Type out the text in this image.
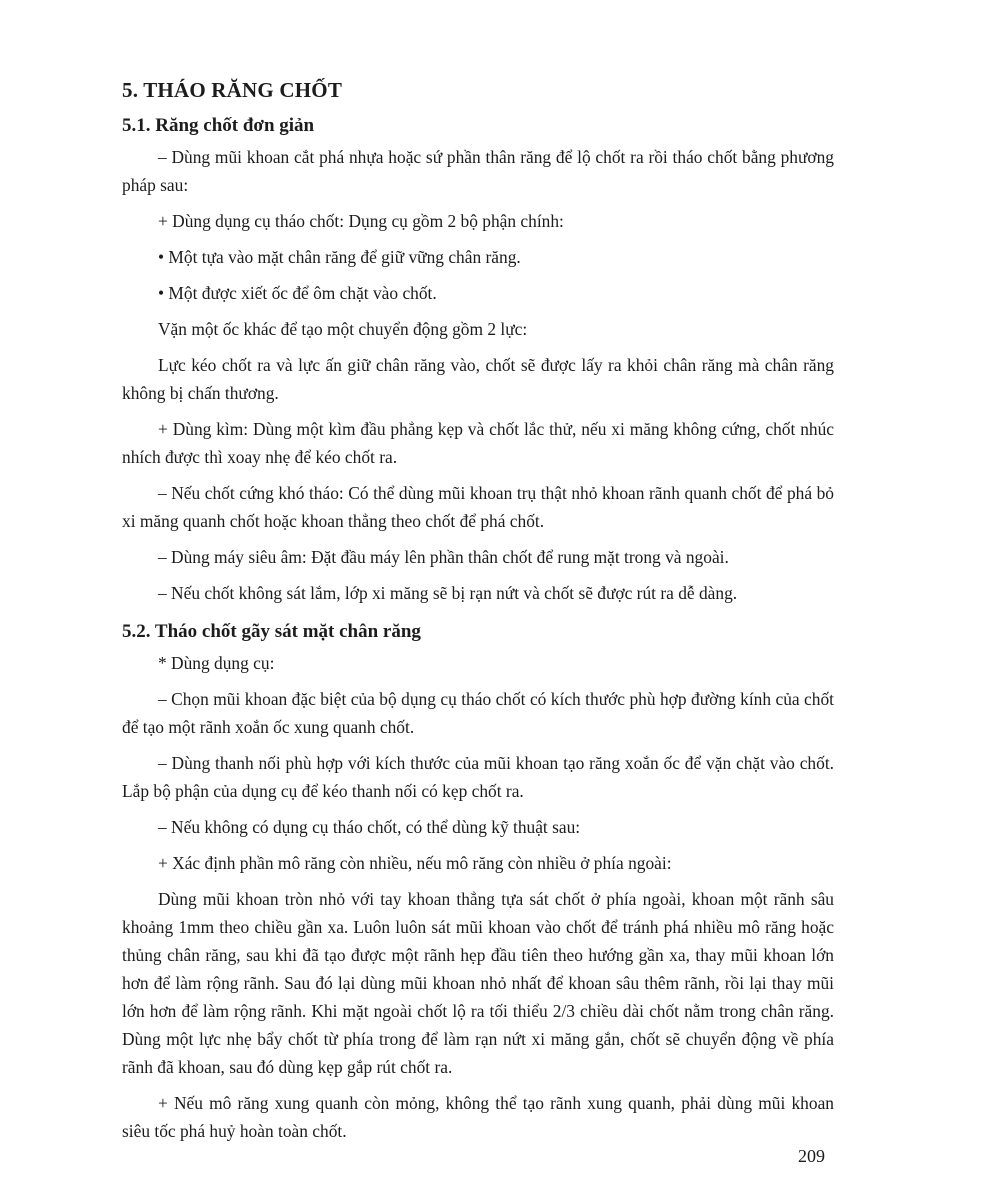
5. THÁO RĂNG CHỐT
5.1. Răng chốt đơn giản

– Dùng mũi khoan cắt phá nhựa hoặc sứ phần thân răng để lộ chốt ra rồi tháo chốt bằng phương pháp sau:

+ Dùng dụng cụ tháo chốt: Dụng cụ gồm 2 bộ phận chính:

• Một tựa vào mặt chân răng để giữ vững chân răng.

• Một được xiết ốc để ôm chặt vào chốt.

Vặn một ốc khác để tạo một chuyển động gồm 2 lực:

Lực kéo chốt ra và lực ấn giữ chân răng vào, chốt sẽ được lấy ra khỏi chân răng mà chân răng không bị chấn thương.

+ Dùng kìm: Dùng một kìm đầu phẳng kẹp và chốt lắc thử, nếu xi măng không cứng, chốt nhúc nhích được thì xoay nhẹ để kéo chốt ra.

– Nếu chốt cứng khó tháo: Có thể dùng mũi khoan trụ thật nhỏ khoan rãnh quanh chốt để phá bỏ xi măng quanh chốt hoặc khoan thẳng theo chốt để phá chốt.

– Dùng máy siêu âm: Đặt đầu máy lên phần thân chốt để rung mặt trong và ngoài.

– Nếu chốt không sát lắm, lớp xi măng sẽ bị rạn nứt và chốt sẽ được rút ra dễ dàng.

5.2. Tháo chốt gãy sát mặt chân răng

* Dùng dụng cụ:

– Chọn mũi khoan đặc biệt của bộ dụng cụ tháo chốt có kích thước phù hợp đường kính của chốt để tạo một rãnh xoắn ốc xung quanh chốt.

– Dùng thanh nối phù hợp với kích thước của mũi khoan tạo răng xoắn ốc để vặn chặt vào chốt. Lắp bộ phận của dụng cụ để kéo thanh nối có kẹp chốt ra.

– Nếu không có dụng cụ tháo chốt, có thể dùng kỹ thuật sau:

+ Xác định phần mô răng còn nhiều, nếu mô răng còn nhiều ở phía ngoài:

Dùng mũi khoan tròn nhỏ với tay khoan thẳng tựa sát chốt ở phía ngoài, khoan một rãnh sâu khoảng 1mm theo chiều gần xa. Luôn luôn sát mũi khoan vào chốt để tránh phá nhiều mô răng hoặc thủng chân răng, sau khi đã tạo được một rãnh hẹp đầu tiên theo hướng gần xa, thay mũi khoan lớn hơn để làm rộng rãnh. Sau đó lại dùng mũi khoan nhỏ nhất để khoan sâu thêm rãnh, rồi lại thay mũi lớn hơn để làm rộng rãnh. Khi mặt ngoài chốt lộ ra tối thiểu 2/3 chiều dài chốt nằm trong chân răng. Dùng một lực nhẹ bẩy chốt từ phía trong để làm rạn nứt xi măng gắn, chốt sẽ chuyển động về phía rãnh đã khoan, sau đó dùng kẹp gắp rút chốt ra.

+ Nếu mô răng xung quanh còn mỏng, không thể tạo rãnh xung quanh, phải dùng mũi khoan siêu tốc phá huỷ hoàn toàn chốt.

209
